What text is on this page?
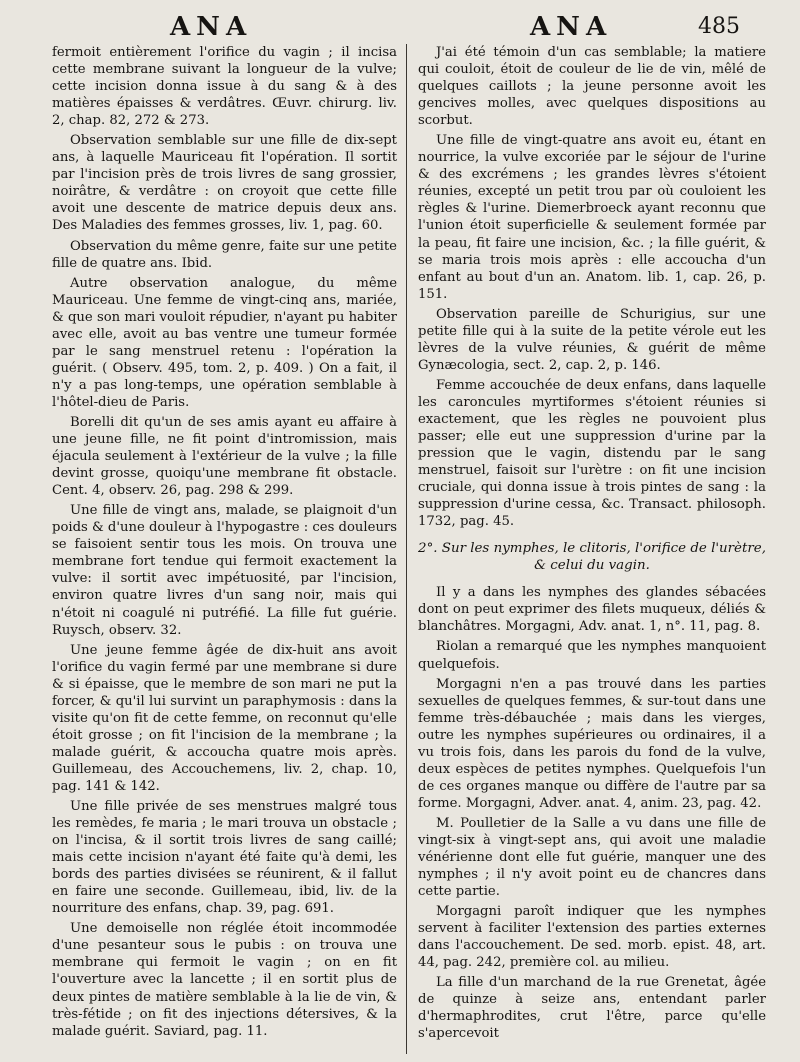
ANA	ANA	485

fermoit entièrement l'orifice du vagin ; il incisa cette membrane suivant la longueur de la vulve; cette incision donna issue à du sang & à des matières épaisses & verdâtres. Œuvr. chirurg. liv. 2, chap. 82, 272 & 273.

Observation semblable sur une fille de dix-sept ans, à laquelle Mauriceau fit l'opération. Il sortit par l'incision près de trois livres de sang grossier, noirâtre, & verdâtre : on croyoit que cette fille avoit une descente de matrice depuis deux ans. Des Maladies des femmes grosses, liv. 1, pag. 60.

Observation du même genre, faite sur une petite fille de quatre ans. Ibid.

Autre observation analogue, du même Mauriceau. Une femme de vingt-cinq ans, mariée, & que son mari vouloit répudier, n'ayant pu habiter avec elle, avoit au bas ventre une tumeur formée par le sang menstruel retenu : l'opération la guérit. ( Observ. 495, tom. 2, p. 409. ) On a fait, il n'y a pas long-temps, une opération semblable à l'hôtel-dieu de Paris.

Borelli dit qu'un de ses amis ayant eu affaire à une jeune fille, ne fit point d'intromission, mais éjacula seulement à l'extérieur de la vulve ; la fille devint grosse, quoiqu'une membrane fit obstacle. Cent. 4, observ. 26, pag. 298 & 299.

Une fille de vingt ans, malade, se plaignoit d'un poids & d'une douleur à l'hypogastre : ces douleurs se faisoient sentir tous les mois. On trouva une membrane fort tendue qui fermoit exactement la vulve: il sortit avec impétuosité, par l'incision, environ quatre livres d'un sang noir, mais qui n'étoit ni coagulé ni putréfié. La fille fut guérie. Ruysch, observ. 32.

Une jeune femme âgée de dix-huit ans avoit l'orifice du vagin fermé par une membrane si dure & si épaisse, que le membre de son mari ne put la forcer, & qu'il lui survint un paraphymosis : dans la visite qu'on fit de cette femme, on reconnut qu'elle étoit grosse ; on fit l'incision de la membrane ; la malade guérit, & accoucha quatre mois après. Guillemeau, des Accouchemens, liv. 2, chap. 10, pag. 141 & 142.

Une fille privée de ses menstrues malgré tous les remèdes, fe maria ; le mari trouva un obstacle ; on l'incisa, & il sortit trois livres de sang caillé; mais cette incision n'ayant été faite qu'à demi, les bords des parties divisées se réunirent, & il fallut en faire une seconde. Guillemeau, ibid, liv. de la nourriture des enfans, chap. 39, pag. 691.

Une demoiselle non réglée étoit incommodée d'une pesanteur sous le pubis : on trouva une membrane qui fermoit le vagin ; on en fit l'ouverture avec la lancette ; il en sortit plus de deux pintes de matière semblable à la lie de vin, & très-fétide ; on fit des injections détersives, & la malade guérit. Saviard, pag. 11.

J'ai été témoin d'un cas semblable; la matiere qui couloit, étoit de couleur de lie de vin, mêlé de quelques caillots ; la jeune personne avoit les gencives molles, avec quelques dispositions au scorbut.

Une fille de vingt-quatre ans avoit eu, étant en nourrice, la vulve excoriée par le séjour de l'urine & des excrémens ; les grandes lèvres s'étoient réunies, excepté un petit trou par où couloient les règles & l'urine. Diemerbroeck ayant reconnu que l'union étoit superficielle & seulement formée par la peau, fit faire une incision, &c. ; la fille guérit, & se maria trois mois après : elle accoucha d'un enfant au bout d'un an. Anatom. lib. 1, cap. 26, p. 151.

Observation pareille de Schurigius, sur une petite fille qui à la suite de la petite vérole eut les lèvres de la vulve réunies, & guérit de même Gynæcologia, sect. 2, cap. 2, p. 146.

Femme accouchée de deux enfans, dans laquelle les caroncules myrtiformes s'étoient réunies si exactement, que les règles ne pouvoient plus passer; elle eut une suppression d'urine par la pression que le vagin, distendu par le sang menstruel, faisoit sur l'urètre : on fit une incision cruciale, qui donna issue à trois pintes de sang : la suppression d'urine cessa, &c. Transact. philosoph. 1732, pag. 45.

2°. Sur les nymphes, le clitoris, l'orifice de l'urètre, & celui du vagin.

Il y a dans les nymphes des glandes sébacées dont on peut exprimer des filets muqueux, déliés & blanchâtres. Morgagni, Adv. anat. 1, n°. 11, pag. 8.

Riolan a remarqué que les nymphes manquoient quelquefois.

Morgagni n'en a pas trouvé dans les parties sexuelles de quelques femmes, & sur-tout dans une femme très-débauchée ; mais dans les vierges, outre les nymphes supérieures ou ordinaires, il a vu trois fois, dans les parois du fond de la vulve, deux espèces de petites nymphes. Quelquefois l'un de ces organes manque ou diffère de l'autre par sa forme. Morgagni, Adver. anat. 4, anim. 23, pag. 42.

M. Poulletier de la Salle a vu dans une fille de vingt-six à vingt-sept ans, qui avoit une maladie vénérienne dont elle fut guérie, manquer une des nymphes ; il n'y avoit point eu de chancres dans cette partie.

Morgagni paroît indiquer que les nymphes servent à faciliter l'extension des parties externes dans l'accouchement. De sed. morb. epist. 48, art. 44, pag. 242, première col. au milieu.

La fille d'un marchand de la rue Grenetat, âgée de quinze à seize ans, entendant parler d'hermaphrodites, crut l'être, parce qu'elle s'apercevoit
